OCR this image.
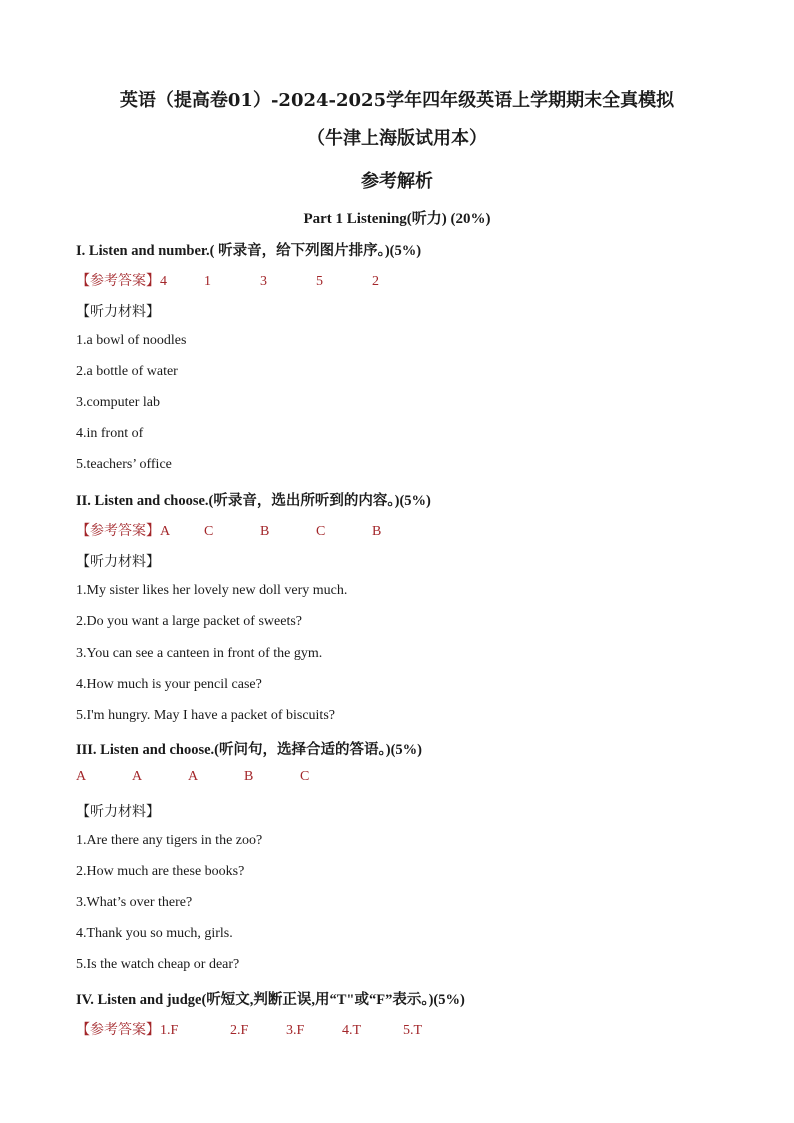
英语（提高卷01）-2024-2025学年四年级英语上学期期末全真模拟
（牛津上海版试用本）
参考解析
Part 1 Listening(听力) (20%)
I. Listen and number.( 听录音，给下列图片排序。)(5%)
【参考答案】4	1	3	5	2
【听力材料】
1.a bowl of noodles
2.a bottle of water
3.computer lab
4.in front of
5.teachers’ office
II. Listen and choose.(听录音，选出所听到的内容。)(5%)
【参考答案】A C	B	C	B
【听力材料】
1.My sister likes her lovely new doll very much.
2.Do you want a large packet of sweets?
3.You can see a canteen in front of the gym.
4.How much is your pencil case?
5.I'm hungry. May I have a packet of biscuits?
III. Listen and choose.(听问句，选择合适的答语。)(5%)
A	A	A	B	C
【听力材料】
1.Are there any tigers in the zoo?
2.How much are these books?
3.What’s over there?
4.Thank you so much, girls.
5.Is the watch cheap or dear?
IV. Listen and judge(听短文,判断正误,用“T"或“F”表示。)(5%)
【参考答案】1.F	2.F	3.F	4.T	5.T
